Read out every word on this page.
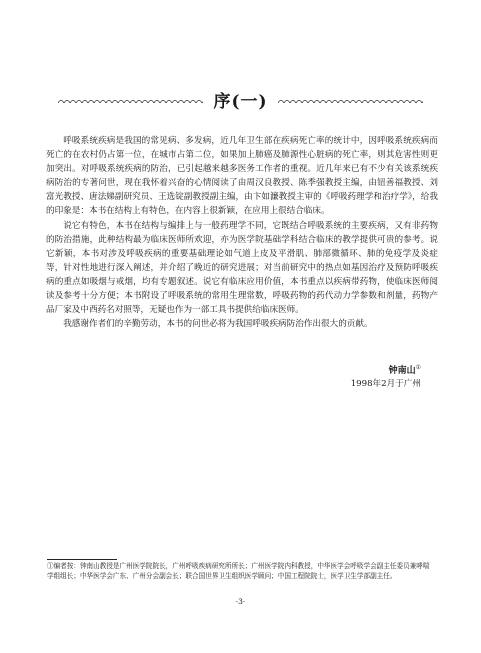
序(一)

呼吸系统疾病是我国的常见病、多发病，近几年卫生部在疾病死亡率的统计中，因呼吸系统疾病而死亡的在农村仍占第一位，在城市占第二位，如果加上肺癌及肺源性心脏病的死亡率，则其危害性则更加突出。对呼吸系统疾病的防治，已引起越来越多医务工作者的重视。近几年来已有不少有关该系统疾病防治的专著问世，现在我怀着兴奋的心情阅读了由周汉良教授、陈季强教授主编，由钮善福教授、刘富光教授、唐法娣副研究员、王选锭副教授副主编，由卞如濂教授主审的《呼吸药理学和治疗学》，给我的印象是：本书在结构上有特色，在内容上很新颖，在应用上很结合临床。

说它有特色，本书在结构与编排上与一般药理学不同，它既结合呼吸系统的主要疾病，又有非药物的防治措施，此种结构最为临床医师所欢迎，亦为医学院基础学科结合临床的教学提供可贵的参考。说它新颖，本书对涉及呼吸疾病的重要基础理论如气道上皮及平滑肌、肺部微循环、肺的免疫学及炎症等，针对性地进行深入阐述，并介绍了晚近的研究进展；对当前研究中的热点如基因治疗及预防呼吸疾病的重点如吸烟与戒烟，均有专题叙述。说它有临床应用价值，本书重点以疾病带药物，使临床医师阅读及参考十分方便；本书附设了呼吸系统的常用生理常数，呼吸药物的药代动力学参数和剂量，药物产品厂家及中西药名对照等，无疑也作为一部工具书提供给临床医师。

我感谢作者们的辛勤劳动，本书的问世必将为我国呼吸疾病防治作出很大的贡献。

钟南山①
1998年2月于广州
①编者按：钟南山教授是广州医学院院长，广州呼吸疾病研究所所长；广州医学院内科教授，中华医学会呼吸学会副主任委员兼哮喘学组组长；中华医学会广东、广州分会副会长；联合国世界卫生组织医学顾问；中国工程院院士，医学卫生学部副主任。
·3·
